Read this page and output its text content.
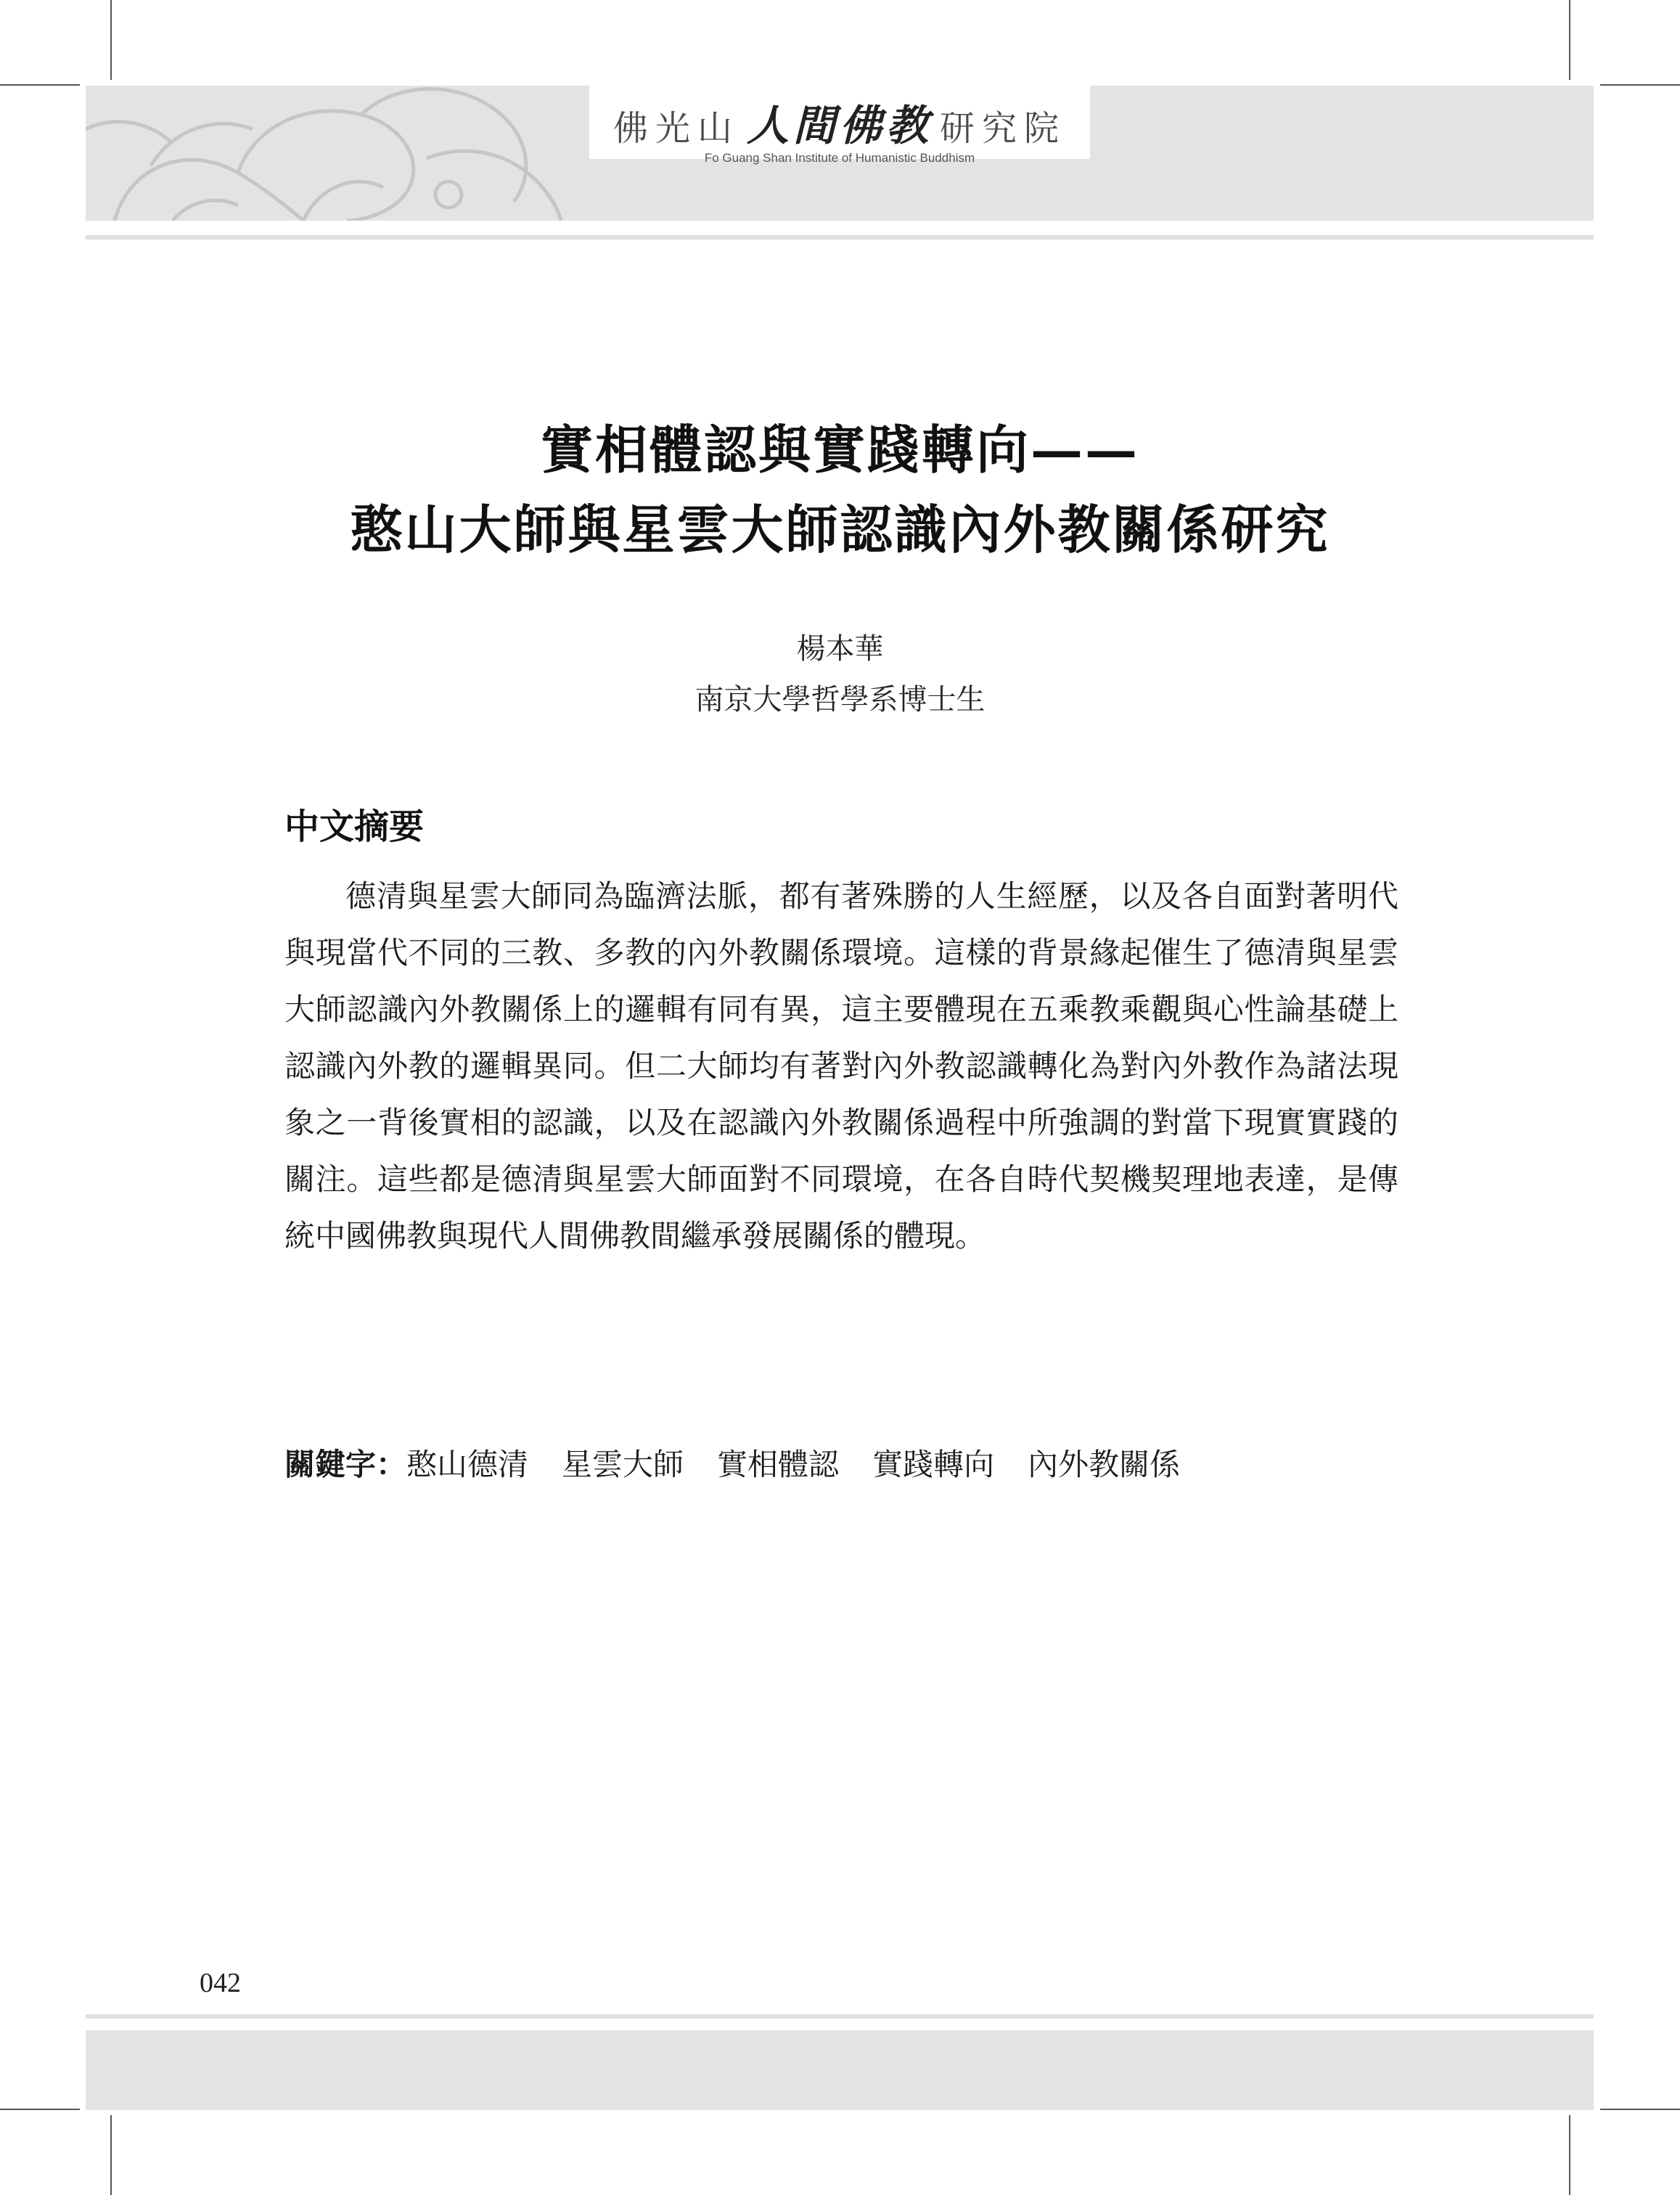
佛光山 人間佛教 研究院
Fo Guang Shan Institute of Humanistic Buddhism
實相體認與實踐轉向——
憨山大師與星雲大師認識內外教關係研究
楊本華
南京大學哲學系博士生
中文摘要

德清與星雲大師同為臨濟法脈，都有著殊勝的人生經歷，以及各自面對著明代與現當代不同的三教、多教的內外教關係環境。這樣的背景緣起催生了德清與星雲大師認識內外教關係上的邏輯有同有異，這主要體現在五乘教乘觀與心性論基礎上認識內外教的邏輯異同。但二大師均有著對內外教認識轉化為對內外教作為諸法現象之一背後實相的認識，以及在認識內外教關係過程中所強調的對當下現實實踐的關注。這些都是德清與星雲大師面對不同環境，在各自時代契機契理地表達，是傳統中國佛教與現代人間佛教間繼承發展關係的體現。

關鍵字：憨山德清 星雲大師 實相體認 實踐轉向 內外教關係
042
